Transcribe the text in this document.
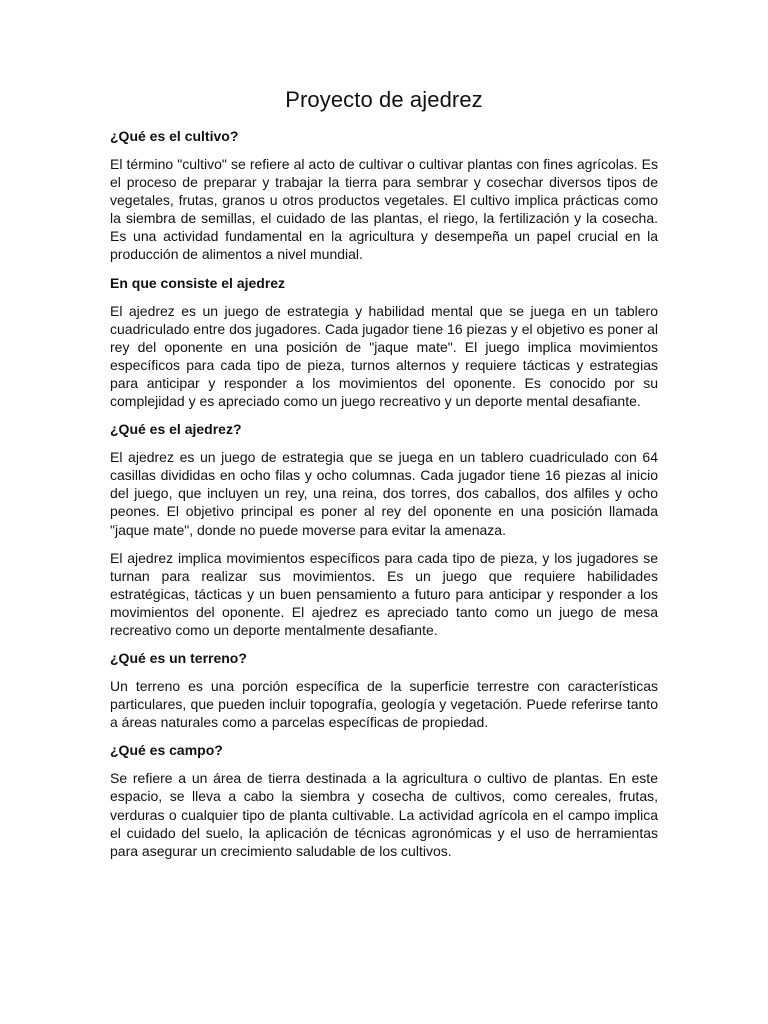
Proyecto de ajedrez
¿Qué es el cultivo?

El término "cultivo" se refiere al acto de cultivar o cultivar plantas con fines agrícolas. Es el proceso de preparar y trabajar la tierra para sembrar y cosechar diversos tipos de vegetales, frutas, granos u otros productos vegetales. El cultivo implica prácticas como la siembra de semillas, el cuidado de las plantas, el riego, la fertilización y la cosecha. Es una actividad fundamental en la agricultura y desempeña un papel crucial en la producción de alimentos a nivel mundial.

En que consiste el ajedrez

El ajedrez es un juego de estrategia y habilidad mental que se juega en un tablero cuadriculado entre dos jugadores. Cada jugador tiene 16 piezas y el objetivo es poner al rey del oponente en una posición de "jaque mate". El juego implica movimientos específicos para cada tipo de pieza, turnos alternos y requiere tácticas y estrategias para anticipar y responder a los movimientos del oponente. Es conocido por su complejidad y es apreciado como un juego recreativo y un deporte mental desafiante.

¿Qué es el ajedrez?

El ajedrez es un juego de estrategia que se juega en un tablero cuadriculado con 64 casillas divididas en ocho filas y ocho columnas. Cada jugador tiene 16 piezas al inicio del juego, que incluyen un rey, una reina, dos torres, dos caballos, dos alfiles y ocho peones. El objetivo principal es poner al rey del oponente en una posición llamada "jaque mate", donde no puede moverse para evitar la amenaza.

El ajedrez implica movimientos específicos para cada tipo de pieza, y los jugadores se turnan para realizar sus movimientos. Es un juego que requiere habilidades estratégicas, tácticas y un buen pensamiento a futuro para anticipar y responder a los movimientos del oponente. El ajedrez es apreciado tanto como un juego de mesa recreativo como un deporte mentalmente desafiante.

¿Qué es un terreno?

Un terreno es una porción específica de la superficie terrestre con características particulares, que pueden incluir topografía, geología y vegetación. Puede referirse tanto a áreas naturales como a parcelas específicas de propiedad.

¿Qué es campo?

Se refiere a un área de tierra destinada a la agricultura o cultivo de plantas. En este espacio, se lleva a cabo la siembra y cosecha de cultivos, como cereales, frutas, verduras o cualquier tipo de planta cultivable. La actividad agrícola en el campo implica el cuidado del suelo, la aplicación de técnicas agronómicas y el uso de herramientas para asegurar un crecimiento saludable de los cultivos.
